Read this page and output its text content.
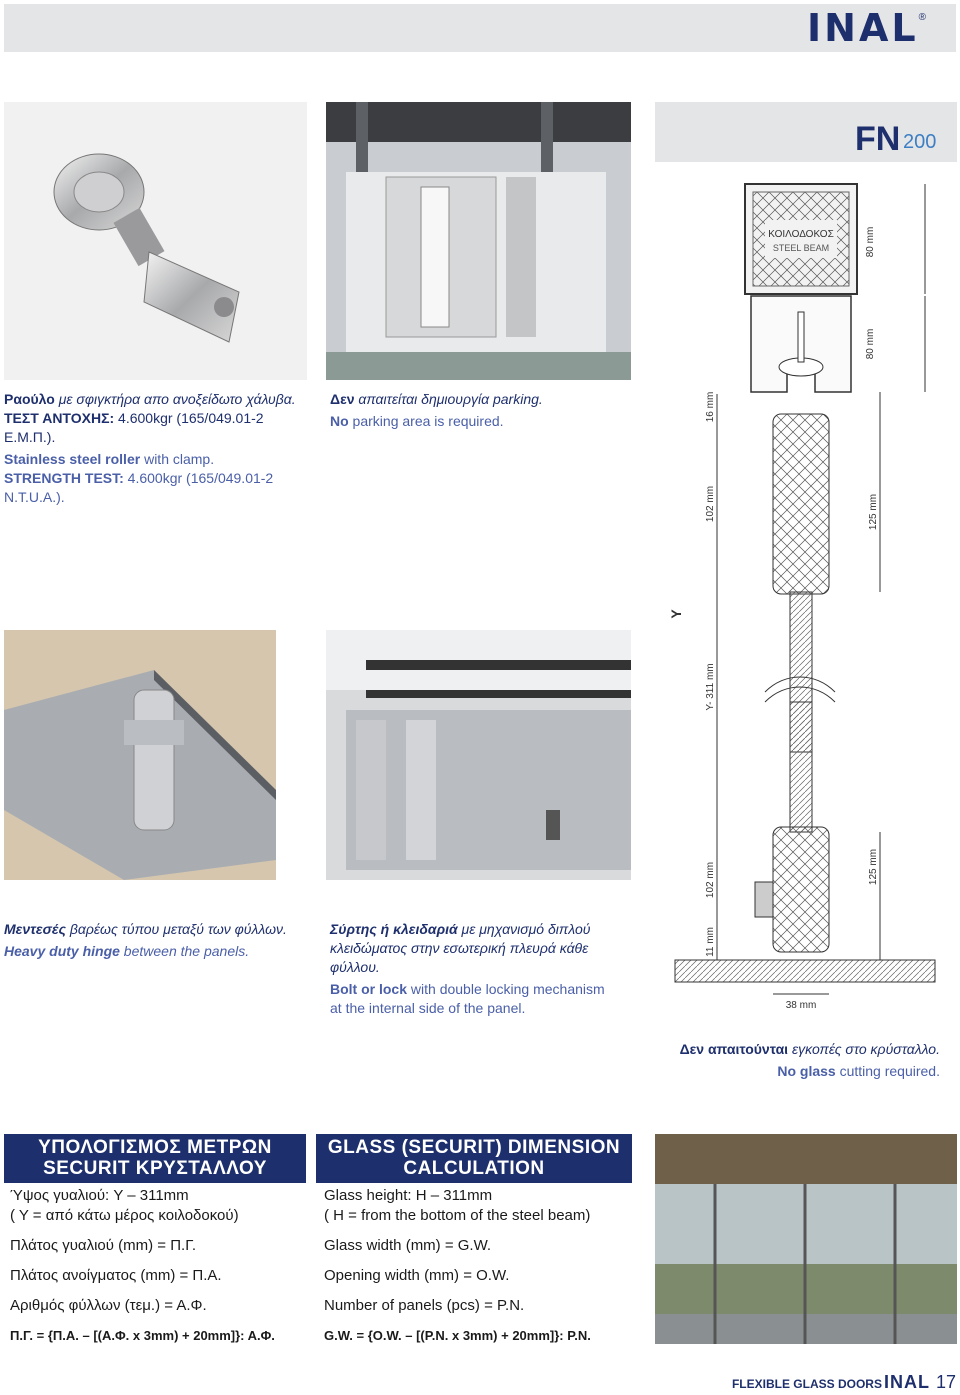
INAL ®
Ραούλο με σφιγκτήρα απο ανοξείδωτο χάλυβα.
ΤΕΣΤ ΑΝΤΟΧΗΣ: 4.600kgr (165/049.01-2 Ε.Μ.Π.).
Stainless steel roller with clamp.
STRENGTH TEST: 4.600kgr (165/049.01-2 N.T.U.A.).
Δεν απαιτείται δημιουργία parking.
No parking area is required.
Μεντεσές βαρέως τύπου μεταξύ των φύλλων.
Heavy duty hinge between the panels.
Σύρτης ή κλειδαριά με μηχανισμό διπλού κλειδώματος στην εσωτερική πλευρά κάθε φύλλου.
Bolt or lock with double locking mechanism at the internal side of the panel.
Δεν απαιτούνται εγκοπές στο κρύσταλλο.
No glass cutting required.
FN 200
ΚΟΙΛΟΔΟΚΟΣ
STEEL BEAM	80 mm
80 mm
16 mm
102 mm	125 mm
Y
Y- 311 mm
102 mm	125 mm
11 mm
38 mm
ΥΠΟΛΟΓΙΣΜΟΣ ΜΕΤΡΩΝ
SECURIT ΚΡΥΣΤΑΛΛΟΥ
Ύψος γυαλιού: Y – 311mm
( Y = από κάτω μέρος κοιλοδοκού)
Πλάτος γυαλιού (mm) = Π.Γ.
Πλάτος ανοίγματος (mm) = Π.Α.
Αριθμός φύλλων (τεμ.) = Α.Φ.
Π.Γ. = {Π.Α. – [(Α.Φ. x 3mm) + 20mm]}: Α.Φ.
GLASS (SECURIT) DIMENSION
CALCULATION
Glass height: H – 311mm
( H = from the bottom of the steel beam)
Glass width (mm) = G.W.
Opening width (mm) = O.W.
Number of panels (pcs) = P.N.
G.W. = {O.W. – [(P.N. x 3mm) + 20mm]}: P.N.
FLEXIBLE GLASS DOORS INAL 17
